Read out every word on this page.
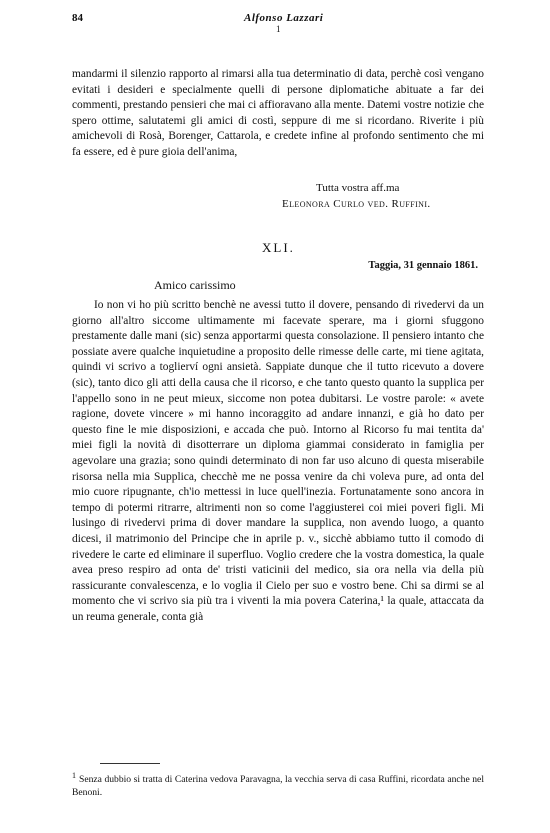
84	Alfonso Lazzari
1

mandarmi il silenzio rapporto al rimarsi alla tua determinatio di data, perchè così vengano evitati i desideri e specialmente quelli di persone diplomatiche abituate a far dei commenti, prestando pensieri che mai ci affioravano alla mente. Datemi vostre notizie che spero ottime, salutatemi gli amici di costì, seppure di me si ricordano. Riverite i più amichevoli di Rosà, Borenger, Cattarola, e credete infine al profondo sentimento che mi fa essere, ed è pure gioia dell'anima,

Tutta vostra aff.ma
Eleonora Curlo ved. Ruffini.
XLI.
Taggia, 31 gennaio 1861.
Amico carissimo

Io non vi ho più scritto benchè ne avessi tutto il dovere, pensando di rivedervi da un giorno all'altro siccome ultimamente mi facevate sperare, ma i giorni sfuggono prestamente dalle mani (sic) senza apportarmi questa consolazione. Il pensiero intanto che possiate avere qualche inquietudine a proposito delle rimesse delle carte, mi tiene agitata, quindi vi scrivo a toglierví ogni ansietà. Sappiate dunque che il tutto ricevuto a dovere (sic), tanto dico gli atti della causa che il ricorso, e che tanto questo quanto la supplica per l'appello sono in ne peut mieux, siccome non potea dubitarsi. Le vostre parole: « avete ragione, dovete vincere » mi hanno incoraggito ad andare innanzi, e già ho dato per questo fine le mie disposizioni, e accada che può. Intorno al Ricorso fu mai tentita da' miei figli la novità di disotterrare un diploma giammai considerato in famiglia per agevolare una grazia; sono quindi determinato di non far uso alcuno di questa miserabile risorsa nella mia Supplica, checchè me ne possa venire da chi voleva pure, ad onta del mio cuore ripugnante, ch'io mettessi in luce quell'inezia. Fortunatamente sono ancora in tempo di potermi ritrarre, altrimenti non so come l'aggiusterei coi miei poveri figli. Mi lusingo di rivedervi prima di dover mandare la supplica, non avendo luogo, a quanto dicesi, il matrimonio del Principe che in aprile p. v., sicchè abbiamo tutto il comodo di rivedere le carte ed eliminare il superfluo. Voglio credere che la vostra domestica, la quale avea preso respiro ad onta de' tristi vaticinii del medico, sia ora nella via della più rassicurante convalescenza, e lo voglia il Cielo per suo e vostro bene. Chi sa dirmi se al momento che vi scrivo sia più tra i viventi la mia povera Caterina,¹ la quale, attaccata da un reuma generale, conta già

$^1$ Senza dubbio si tratta di Caterina vedova Paravagna, la vecchia serva di casa Ruffini, ricordata anche nel Benoni.
